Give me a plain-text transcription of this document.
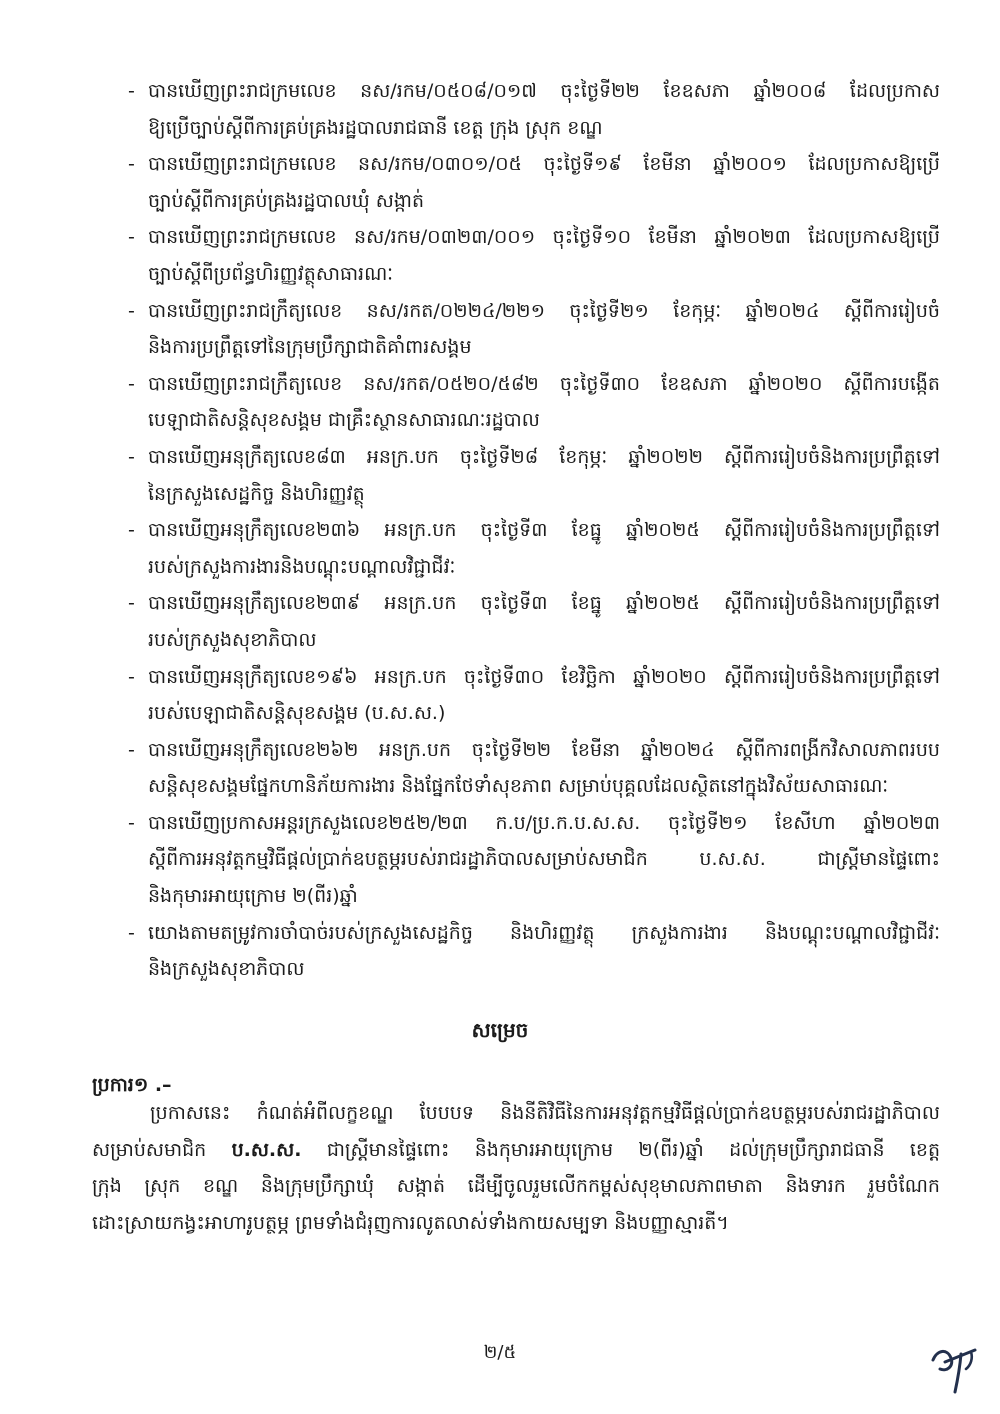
- បានឃើញព្រះរាជក្រមលេខ នស/រកម/០៥០៨/០១៧ ចុះថ្ងៃទី២២ ខែឧសភា ឆ្នាំ២០០៨ ដែលប្រកាស
ឱ្យប្រើច្បាប់ស្តីពីការគ្រប់គ្រងរដ្ឋបាលរាជធានី ខេត្ត ក្រុង ស្រុក ខណ្ឌ
- បានឃើញព្រះរាជក្រមលេខ នស/រកម/០៣០១/០៥ ចុះថ្ងៃទី១៩ ខែមីនា ឆ្នាំ២០០១ ដែលប្រកាសឱ្យប្រើ
ច្បាប់ស្តីពីការគ្រប់គ្រងរដ្ឋបាលឃុំ សង្កាត់
- បានឃើញព្រះរាជក្រមលេខ នស/រកម/០៣២៣/០០១ ចុះថ្ងៃទី១០ ខែមីនា ឆ្នាំ២០២៣ ដែលប្រកាសឱ្យប្រើ
ច្បាប់ស្តីពីប្រព័ន្ធហិរញ្ញវត្ថុសាធារណៈ
- បានឃើញព្រះរាជក្រឹត្យលេខ នស/រកត/០២២៤/២២១ ចុះថ្ងៃទី២១ ខែកុម្ភៈ ឆ្នាំ២០២៤ ស្តីពីការរៀបចំ
និងការប្រព្រឹត្តទៅនៃក្រុមប្រឹក្សាជាតិគាំពារសង្គម
- បានឃើញព្រះរាជក្រឹត្យលេខ នស/រកត/០៥២០/៥៨២ ចុះថ្ងៃទី៣០ ខែឧសភា ឆ្នាំ២០២០ ស្តីពីការបង្កើត
បេឡាជាតិសន្តិសុខសង្គម ជាគ្រឹះស្ថានសាធារណៈរដ្ឋបាល
- បានឃើញអនុក្រឹត្យលេខ៨៣ អនក្រ.បក ចុះថ្ងៃទី២៨ ខែកុម្ភៈ ឆ្នាំ២០២២ ស្តីពីការរៀបចំនិងការប្រព្រឹត្តទៅ
នៃក្រសួងសេដ្ឋកិច្ច និងហិរញ្ញវត្ថុ
- បានឃើញអនុក្រឹត្យលេខ២៣៦ អនក្រ.បក ចុះថ្ងៃទី៣ ខែធ្នូ ឆ្នាំ២០២៥ ស្តីពីការរៀបចំនិងការប្រព្រឹត្តទៅ
របស់ក្រសួងការងារនិងបណ្តុះបណ្តាលវិជ្ជាជីវៈ
- បានឃើញអនុក្រឹត្យលេខ២៣៩ អនក្រ.បក ចុះថ្ងៃទី៣ ខែធ្នូ ឆ្នាំ២០២៥ ស្តីពីការរៀបចំនិងការប្រព្រឹត្តទៅ
របស់ក្រសួងសុខាភិបាល
- បានឃើញអនុក្រឹត្យលេខ១៩៦ អនក្រ.បក ចុះថ្ងៃទី៣០ ខែវិច្ឆិកា ឆ្នាំ២០២០ ស្តីពីការរៀបចំនិងការប្រព្រឹត្តទៅ
របស់បេឡាជាតិសន្តិសុខសង្គម (ប.ស.ស.)
- បានឃើញអនុក្រឹត្យលេខ២៦២ អនក្រ.បក ចុះថ្ងៃទី២២ ខែមីនា ឆ្នាំ២០២៤ ស្តីពីការពង្រីកវិសាលភាពរបប
សន្តិសុខសង្គមផ្នែកហានិភ័យការងារ និងផ្នែកថែទាំសុខភាព សម្រាប់បុគ្គលដែលស្ថិតនៅក្នុងវិស័យសាធារណៈ
- បានឃើញប្រកាសអន្តរក្រសួងលេខ២៥២/២៣ ក.ប/ប្រ.ក.ប.ស.ស. ចុះថ្ងៃទី២១ ខែសីហា ឆ្នាំ២០២៣
ស្តីពីការអនុវត្តកម្មវិធីផ្តល់ប្រាក់ឧបត្ថម្ភរបស់រាជរដ្ឋាភិបាលសម្រាប់សមាជិក ប.ស.ស. ជាស្ត្រីមានផ្ទៃពោះ
និងកុមារអាយុក្រោម ២(ពីរ)ឆ្នាំ
- យោងតាមតម្រូវការចាំបាច់របស់ក្រសួងសេដ្ឋកិច្ច និងហិរញ្ញវត្ថុ ក្រសួងការងារ និងបណ្តុះបណ្តាលវិជ្ជាជីវៈ
និងក្រសួងសុខាភិបាល
សម្រេច
ប្រការ១ .–
ប្រកាសនេះ កំណត់អំពីលក្ខខណ្ឌ បែបបទ និងនីតិវិធីនៃការអនុវត្តកម្មវិធីផ្តល់ប្រាក់ឧបត្ថម្ភរបស់រាជរដ្ឋាភិបាល
សម្រាប់សមាជិក ប.ស.ស. ជាស្ត្រីមានផ្ទៃពោះ និងកុមារអាយុក្រោម ២(ពីរ)ឆ្នាំ ដល់ក្រុមប្រឹក្សារាជធានី ខេត្ត
ក្រុង ស្រុក ខណ្ឌ និងក្រុមប្រឹក្សាឃុំ សង្កាត់ ដើម្បីចូលរួមលើកកម្ពស់សុខុមាលភាពមាតា និងទារក រួមចំណែក
ដោះស្រាយកង្វះអាហារូបត្ថម្ភ ព្រមទាំងជំរុញការលូតលាស់ទាំងកាយសម្បទា និងបញ្ញាស្មារតី។
២/៥
